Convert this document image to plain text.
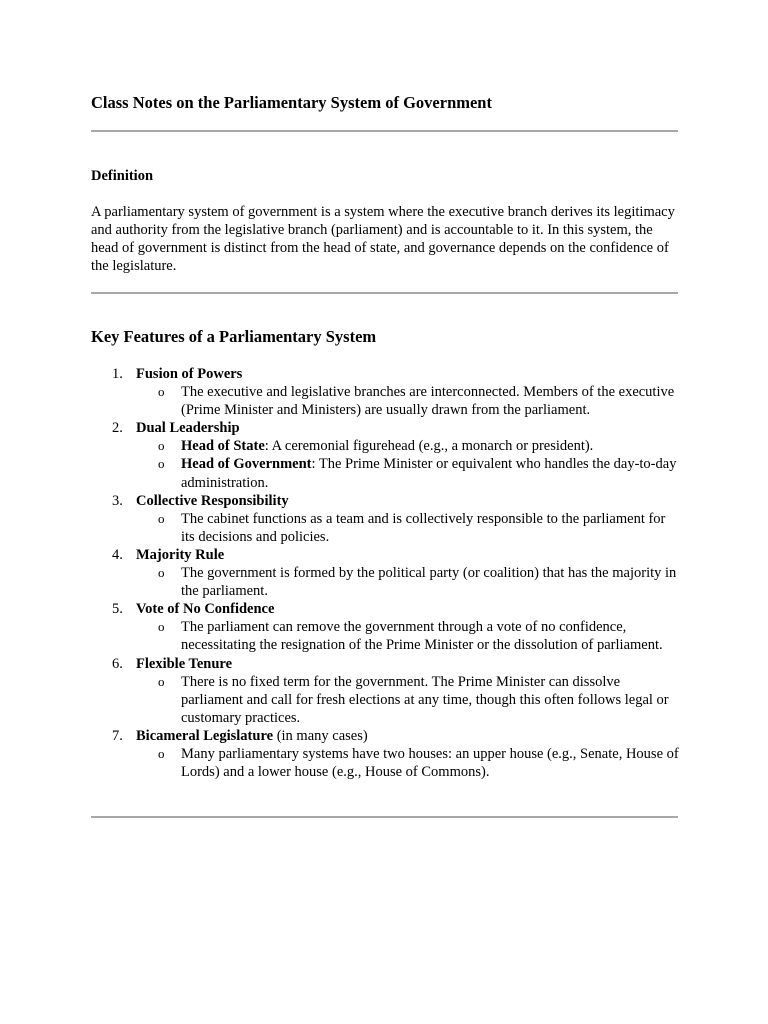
Class Notes on the Parliamentary System of Government
Definition

A parliamentary system of government is a system where the executive branch derives its legitimacy and authority from the legislative branch (parliament) and is accountable to it. In this system, the head of government is distinct from the head of state, and governance depends on the confidence of the legislature.

Key Features of a Parliamentary System
1. Fusion of Powers
o The executive and legislative branches are interconnected. Members of the executive (Prime Minister and Ministers) are usually drawn from the parliament.
2. Dual Leadership
o Head of State: A ceremonial figurehead (e.g., a monarch or president).
o Head of Government: The Prime Minister or equivalent who handles the day-to-day administration.
3. Collective Responsibility
o The cabinet functions as a team and is collectively responsible to the parliament for its decisions and policies.
4. Majority Rule
o The government is formed by the political party (or coalition) that has the majority in the parliament.
5. Vote of No Confidence
o The parliament can remove the government through a vote of no confidence, necessitating the resignation of the Prime Minister or the dissolution of parliament.
6. Flexible Tenure
o There is no fixed term for the government. The Prime Minister can dissolve parliament and call for fresh elections at any time, though this often follows legal or customary practices.
7. Bicameral Legislature (in many cases)
o Many parliamentary systems have two houses: an upper house (e.g., Senate, House of Lords) and a lower house (e.g., House of Commons).
